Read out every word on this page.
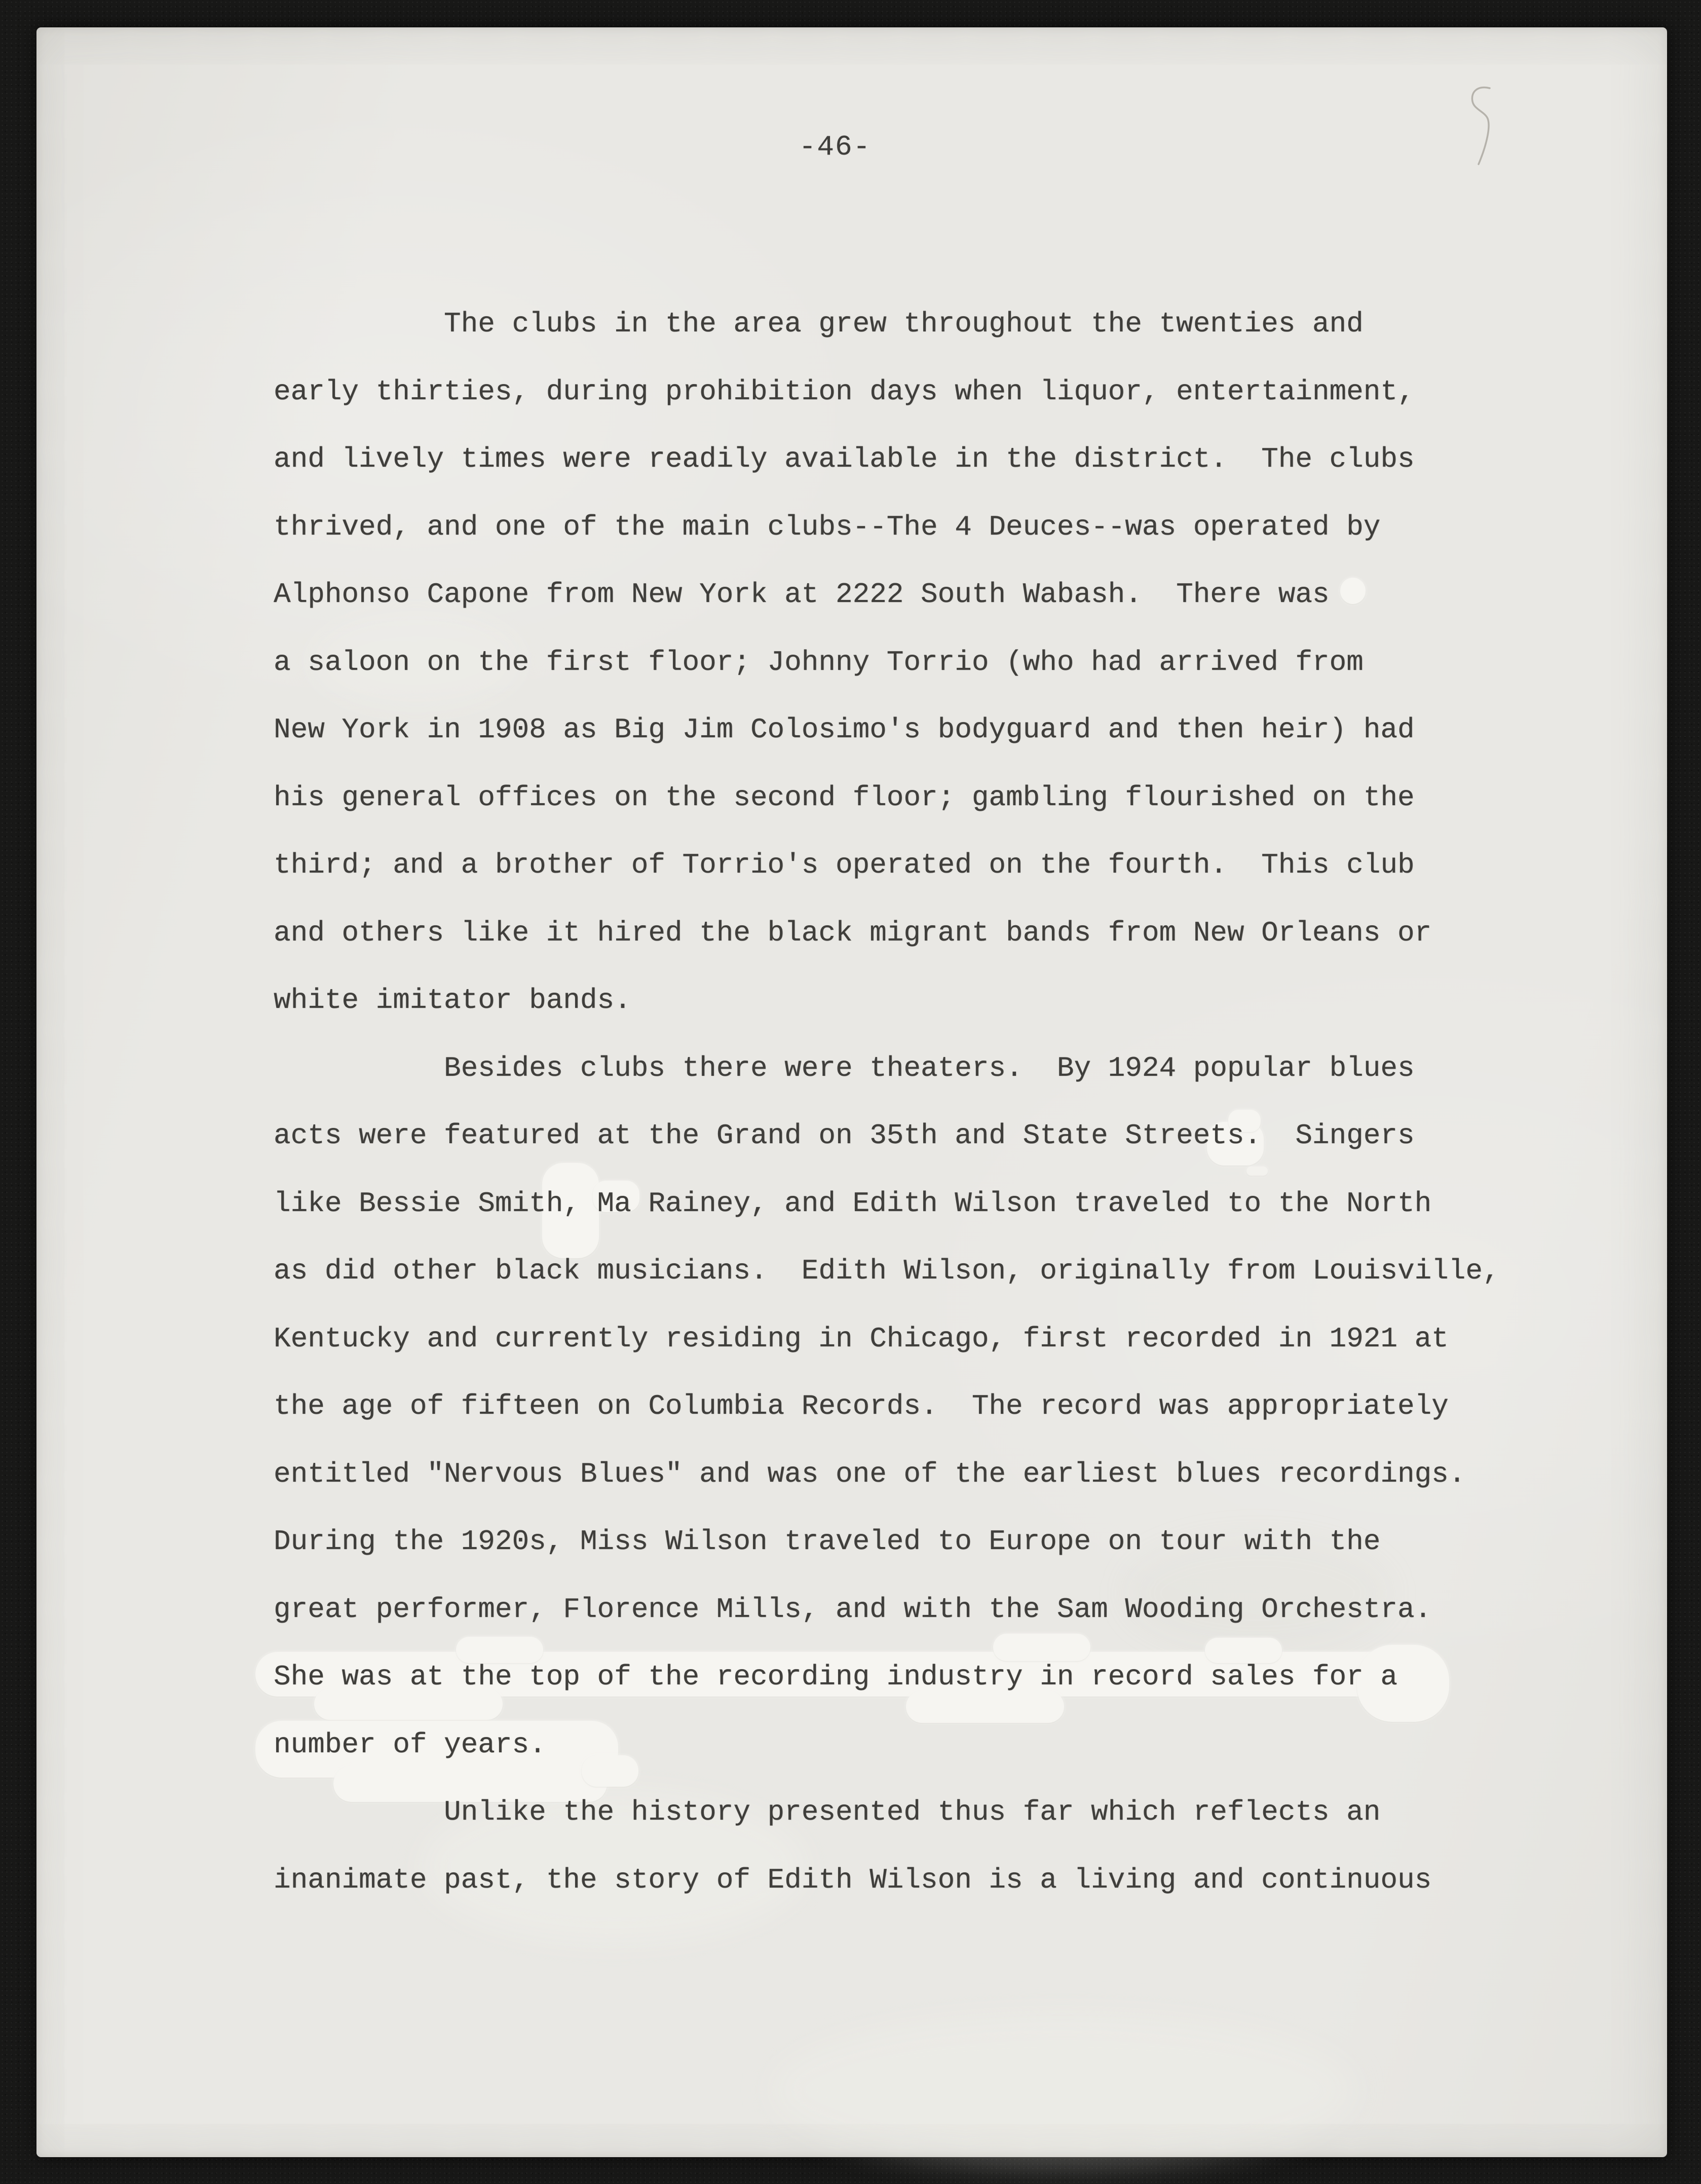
-46-
The clubs in the area grew throughout the twenties and
early thirties, during prohibition days when liquor, entertainment,
and lively times were readily available in the district.  The clubs
thrived, and one of the main clubs--The 4 Deuces--was operated by
Alphonso Capone from New York at 2222 South Wabash.  There was
a saloon on the first floor; Johnny Torrio (who had arrived from
New York in 1908 as Big Jim Colosimo's bodyguard and then heir) had
his general offices on the second floor; gambling flourished on the
third; and a brother of Torrio's operated on the fourth.  This club
and others like it hired the black migrant bands from New Orleans or
white imitator bands.
Besides clubs there were theaters.  By 1924 popular blues
acts were featured at the Grand on 35th and State Streets.  Singers
like Bessie Smith, Ma Rainey, and Edith Wilson traveled to the North
as did other black musicians.  Edith Wilson, originally from Louisville,
Kentucky and currently residing in Chicago, first recorded in 1921 at
the age of fifteen on Columbia Records.  The record was appropriately
entitled "Nervous Blues" and was one of the earliest blues recordings.
During the 1920s, Miss Wilson traveled to Europe on tour with the
great performer, Florence Mills, and with the Sam Wooding Orchestra.
She was at the top of the recording industry in record sales for a
number of years.
Unlike the history presented thus far which reflects an
inanimate past, the story of Edith Wilson is a living and continuous
